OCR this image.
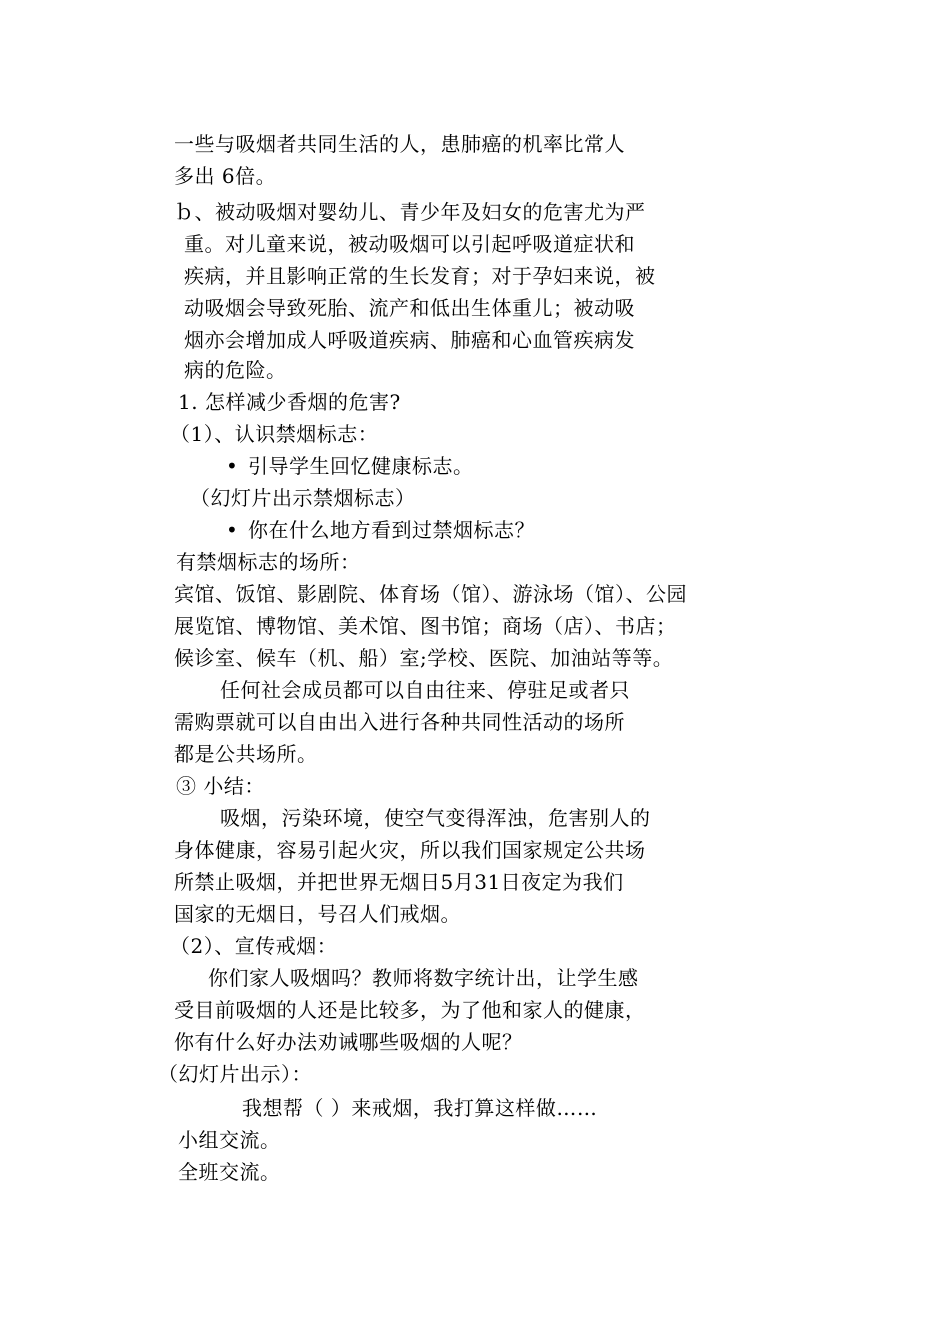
一些与吸烟者共同生活的人，患肺癌的机率比常人
多出 6倍。
ｂ、被动吸烟对婴幼儿、青少年及妇女的危害尤为严
重。对儿童来说，被动吸烟可以引起呼吸道症状和
疾病，并且影响正常的生长发育；对于孕妇来说，被
动吸烟会导致死胎、流产和低出生体重儿；被动吸
烟亦会增加成人呼吸道疾病、肺癌和心血管疾病发
病的危险。
1. 怎样减少香烟的危害?
（1）、认识禁烟标志：
• 引导学生回忆健康标志。
（幻灯片出示禁烟标志）
• 你在什么地方看到过禁烟标志？
有禁烟标志的场所：
宾馆、饭馆、影剧院、体育场（馆）、游泳场（馆）、公园
展览馆、博物馆、美术馆、图书馆；商场（店）、书店；
候诊室、候车（机、船）室;学校、医院、加油站等等。
任何社会成员都可以自由往来、停驻足或者只
需购票就可以自由出入进行各种共同性活动的场所
都是公共场所。
③ 小结：
吸烟，污染环境，使空气变得浑浊，危害别人的
身体健康，容易引起火灾，所以我们国家规定公共场
所禁止吸烟，并把世界无烟日5月31日夜定为我们
国家的无烟日，号召人们戒烟。
（2）、宣传戒烟：
你们家人吸烟吗？教师将数字统计出，让学生感
受目前吸烟的人还是比较多，为了他和家人的健康，
你有什么好办法劝诫哪些吸烟的人呢？
（幻灯片出示）：
我想帮（ ）来戒烟，我打算这样做……
小组交流。
全班交流。
